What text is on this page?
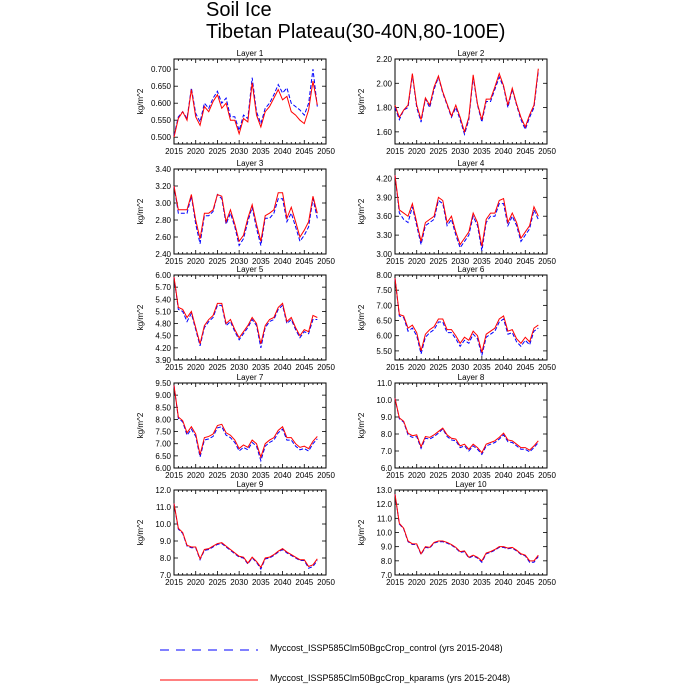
Soil Ice
Tibetan Plateau(30-40N,80-100E)
Layer 1
kg/m^2
2015 2020 2025 2030 2035 2040 2045 2050
0.500
0.550
0.600
0.650
0.700
Layer 2
kg/m^2
2015 2020 2025 2030 2035 2040 2045 2050
1.60
1.80
2.00
2.20
Layer 3
kg/m^2
2015 2020 2025 2030 2035 2040 2045 2050
2.40
2.60
2.80
3.00
3.20
3.40
Layer 4
kg/m^2
2015 2020 2025 2030 2035 2040 2045 2050
3.00
3.30
3.60
3.90
4.20
Layer 5
kg/m^2
2015 2020 2025 2030 2035 2040 2045 2050
3.90
4.20
4.50
4.80
5.10
5.40
5.70
6.00
Layer 6
kg/m^2
2015 2020 2025 2030 2035 2040 2045 2050
5.50
6.00
6.50
7.00
7.50
8.00
Layer 7
kg/m^2
2015 2020 2025 2030 2035 2040 2045 2050
6.00
6.50
7.00
7.50
8.00
8.50
9.00
9.50
Layer 8
kg/m^2
2015 2020 2025 2030 2035 2040 2045 2050
6.0
7.0
8.0
9.0
10.0
11.0
Layer 9
kg/m^2
2015 2020 2025 2030 2035 2040 2045 2050
7.0
8.0
9.0
10.0
11.0
12.0
Layer 10
kg/m^2
2015 2020 2025 2030 2035 2040 2045 2050
7.0
8.0
9.0
10.0
11.0
12.0
13.0
Myccost_ISSP585Clm50BgcCrop_control (yrs 2015-2048)
Myccost_ISSP585Clm50BgcCrop_kparams (yrs 2015-2048)
